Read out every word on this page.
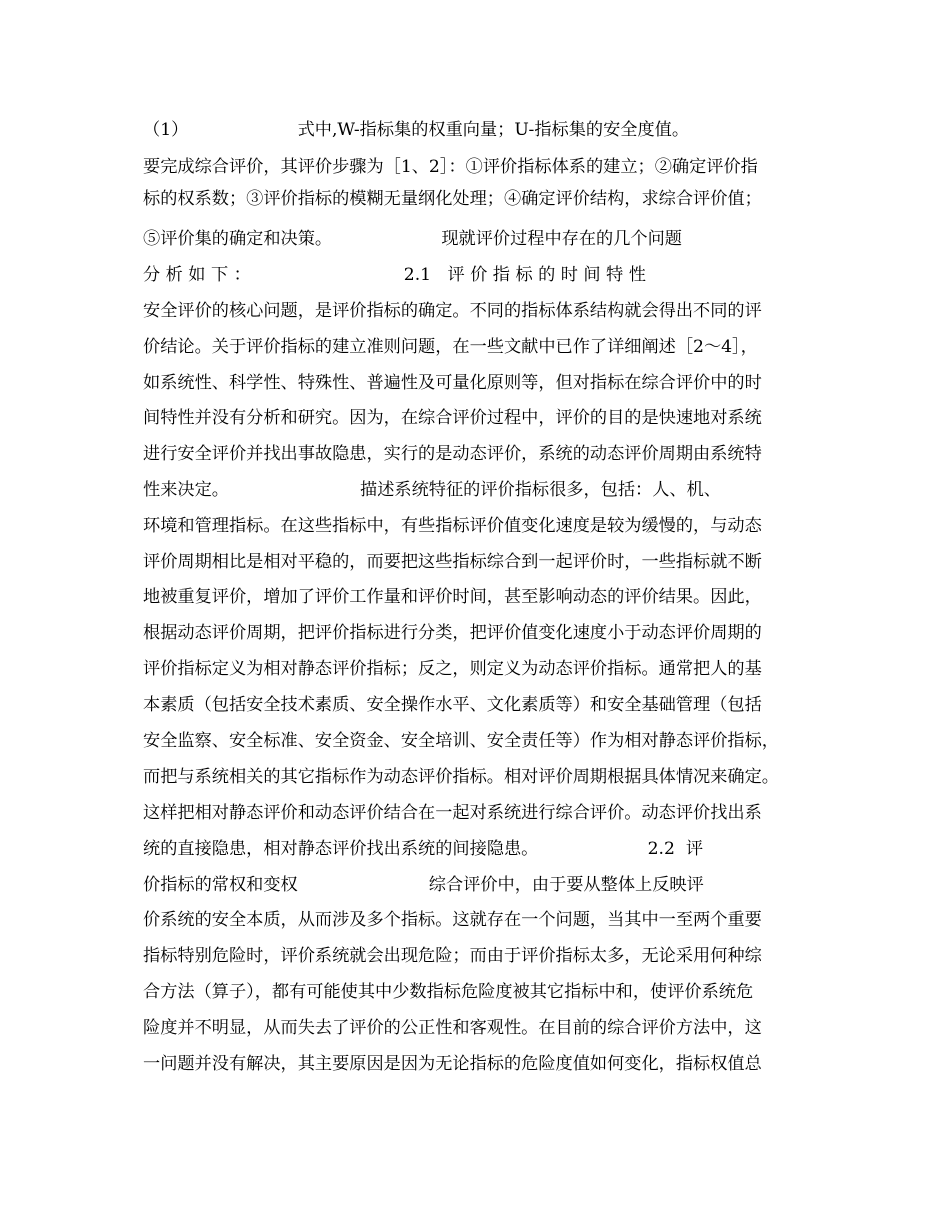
（1）                    式中,W-指标集的权重向量；U-指标集的安全度值。
要完成综合评价，其评价步骤为［1、2］：①评价指标体系的建立；②确定评价指
标的权系数；③评价指标的模糊无量纲化处理；④确定评价结构，求综合评价值；
⑤评价集的确定和决策。                    现就评价过程中存在的几个问题
分 析 如 下 ：                            2.1   评 价 指 标 的 时 间 特 性
安全评价的核心问题，是评价指标的确定。不同的指标体系结构就会得出不同的评
价结论。关于评价指标的建立准则问题，在一些文献中已作了详细阐述［2～4］，
如系统性、科学性、特殊性、普遍性及可量化原则等，但对指标在综合评价中的时
间特性并没有分析和研究。因为，在综合评价过程中，评价的目的是快速地对系统
进行安全评价并找出事故隐患，实行的是动态评价，系统的动态评价周期由系统特
性来决定。                        描述系统特征的评价指标很多，包括：人、机、
环境和管理指标。在这些指标中，有些指标评价值变化速度是较为缓慢的，与动态
评价周期相比是相对平稳的，而要把这些指标综合到一起评价时，一些指标就不断
地被重复评价，增加了评价工作量和评价时间，甚至影响动态的评价结果。因此，
根据动态评价周期，把评价指标进行分类，把评价值变化速度小于动态评价周期的
评价指标定义为相对静态评价指标；反之，则定义为动态评价指标。通常把人的基
本素质（包括安全技术素质、安全操作水平、文化素质等）和安全基础管理（包括
安全监察、安全标准、安全资金、安全培训、安全责任等）作为相对静态评价指标，
而把与系统相关的其它指标作为动态评价指标。相对评价周期根据具体情况来确定。
这样把相对静态评价和动态评价结合在一起对系统进行综合评价。动态评价找出系
统的直接隐患，相对静态评价找出系统的间接隐患。                    2.2  评
价指标的常权和变权                        综合评价中，由于要从整体上反映评
价系统的安全本质，从而涉及多个指标。这就存在一个问题，当其中一至两个重要
指标特别危险时，评价系统就会出现危险；而由于评价指标太多，无论采用何种综
合方法（算子），都有可能使其中少数指标危险度被其它指标中和，使评价系统危
险度并不明显，从而失去了评价的公正性和客观性。在目前的综合评价方法中，这
一问题并没有解决，其主要原因是因为无论指标的危险度值如何变化，指标权值总
